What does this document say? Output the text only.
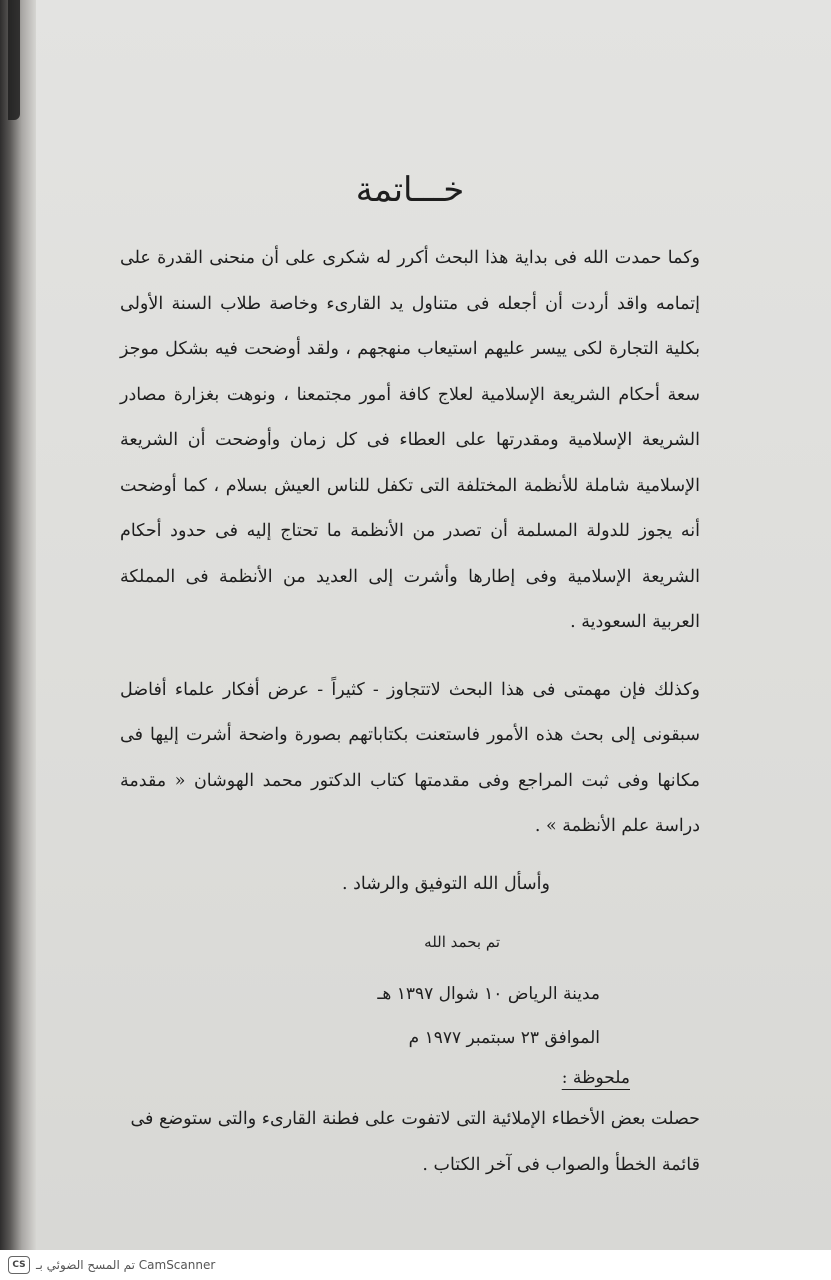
خـــاتمة

وكما حمدت الله فى بداية هذا البحث أكرر له شكرى على أن منحنى القدرة على إتمامه واقد أردت أن أجعله فى متناول يد القارىء وخاصة طلاب السنة الأولى بكلية التجارة لكى ييسر عليهم استيعاب منهجهم ، ولقد أوضحت فيه بشكل موجز سعة أحكام الشريعة الإسلامية لعلاج كافة أمور مجتمعنا ، ونوهت بغزارة مصادر الشريعة الإسلامية ومقدرتها على العطاء فى كل زمان وأوضحت أن الشريعة الإسلامية شاملة للأنظمة المختلفة التى تكفل للناس العيش بسلام ، كما أوضحت أنه يجوز للدولة المسلمة أن تصدر من الأنظمة ما تحتاج إليه فى حدود أحكام الشريعة الإسلامية وفى إطارها وأشرت إلى العديد من الأنظمة فى المملكة العربية السعودية .

وكذلك فإن مهمتى فى هذا البحث لاتتجاوز - كثيراً - عرض أفكار علماء أفاضل سبقونى إلى بحث هذه الأمور فاستعنت بكتاباتهم بصورة واضحة أشرت إليها فى مكانها وفى ثبت المراجع وفى مقدمتها كتاب الدكتور محمد الهوشان « مقدمة دراسة علم الأنظمة » .

وأسأل الله التوفيق والرشاد .
تم بحمد الله
مدينة الرياض ١٠ شوال ١٣٩٧ هـ
الموافق ٢٣ سبتمبر ١٩٧٧ م
ملحوظة :

حصلت بعض الأخطاء الإملائية التى لاتفوت على فطنة القارىء والتى ستوضع فى قائمة الخطأ والصواب فى آخر الكتاب .

CS تم المسح الضوئي بـ CamScanner
